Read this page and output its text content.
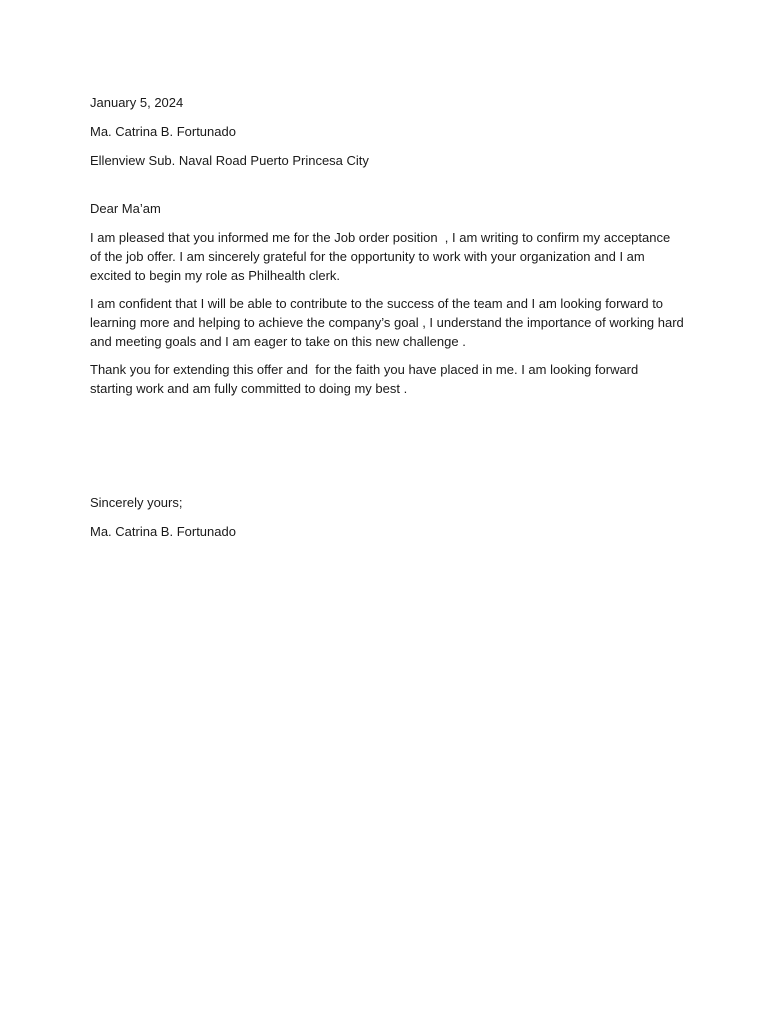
January 5, 2024

Ma. Catrina B. Fortunado

Ellenview Sub. Naval Road Puerto Princesa City

Dear Ma’am

I am pleased that you informed me for the Job order position  , I am writing to confirm my acceptance of the job offer. I am sincerely grateful for the opportunity to work with your organization and I am excited to begin my role as Philhealth clerk.

I am confident that I will be able to contribute to the success of the team and I am looking forward to learning more and helping to achieve the company’s goal , I understand the importance of working hard and meeting goals and I am eager to take on this new challenge .

Thank you for extending this offer and  for the faith you have placed in me. I am looking forward starting work and am fully committed to doing my best .

Sincerely yours;

Ma. Catrina B. Fortunado
